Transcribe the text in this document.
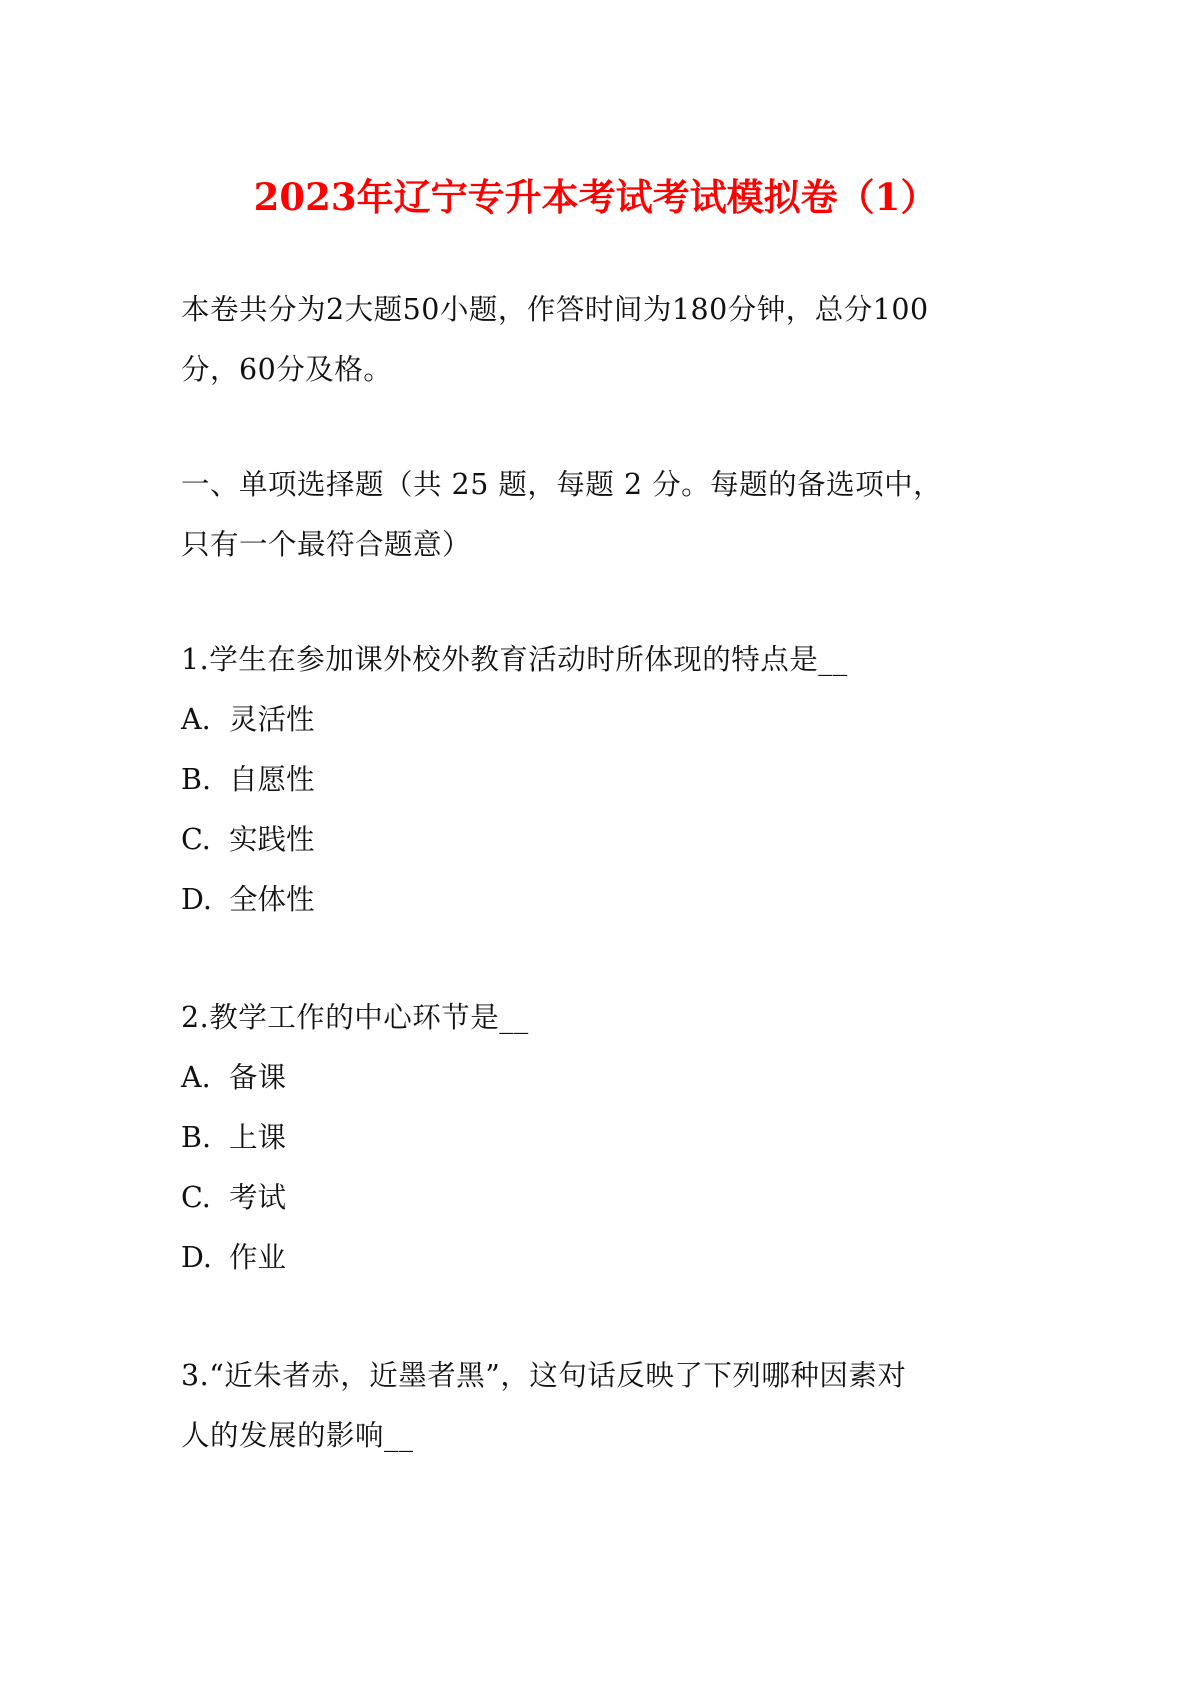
2023年辽宁专升本考试考试模拟卷（1）
本卷共分为2大题50小题，作答时间为180分钟，总分100
分，60分及格。
一、单项选择题（共 25 题，每题 2 分。每题的备选项中，
只有一个最符合题意）
1.学生在参加课外校外教育活动时所体现的特点是__
A. 灵活性
B. 自愿性
C. 实践性
D. 全体性
2.教学工作的中心环节是__
A. 备课
B. 上课
C. 考试
D. 作业
3.“近朱者赤，近墨者黑”，这句话反映了下列哪种因素对
人的发展的影响__
